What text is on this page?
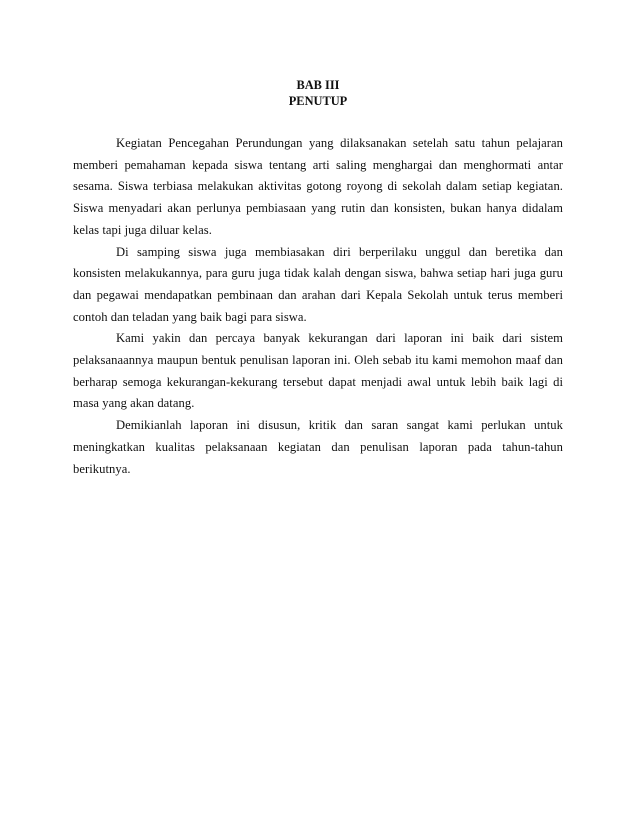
BAB III
PENUTUP

Kegiatan Pencegahan Perundungan yang dilaksanakan setelah satu tahun pelajaran memberi pemahaman kepada siswa tentang arti saling menghargai dan menghormati antar sesama. Siswa terbiasa melakukan aktivitas gotong royong di sekolah dalam setiap kegiatan. Siswa menyadari akan perlunya pembiasaan yang rutin dan konsisten, bukan hanya didalam kelas tapi juga diluar kelas.

Di samping siswa juga membiasakan diri berperilaku unggul dan beretika dan konsisten melakukannya, para guru juga tidak kalah dengan siswa, bahwa setiap hari juga guru dan pegawai mendapatkan pembinaan dan arahan dari Kepala Sekolah untuk terus memberi contoh dan teladan yang baik bagi para siswa.

Kami yakin dan percaya banyak kekurangan dari laporan ini baik dari sistem pelaksanaannya maupun bentuk penulisan laporan ini. Oleh sebab itu kami memohon maaf dan berharap semoga kekurangan-kekurang tersebut dapat menjadi awal untuk lebih baik lagi di masa yang akan datang.

Demikianlah laporan ini disusun, kritik dan saran sangat kami perlukan untuk meningkatkan kualitas pelaksanaan kegiatan dan penulisan laporan pada tahun-tahun berikutnya.
